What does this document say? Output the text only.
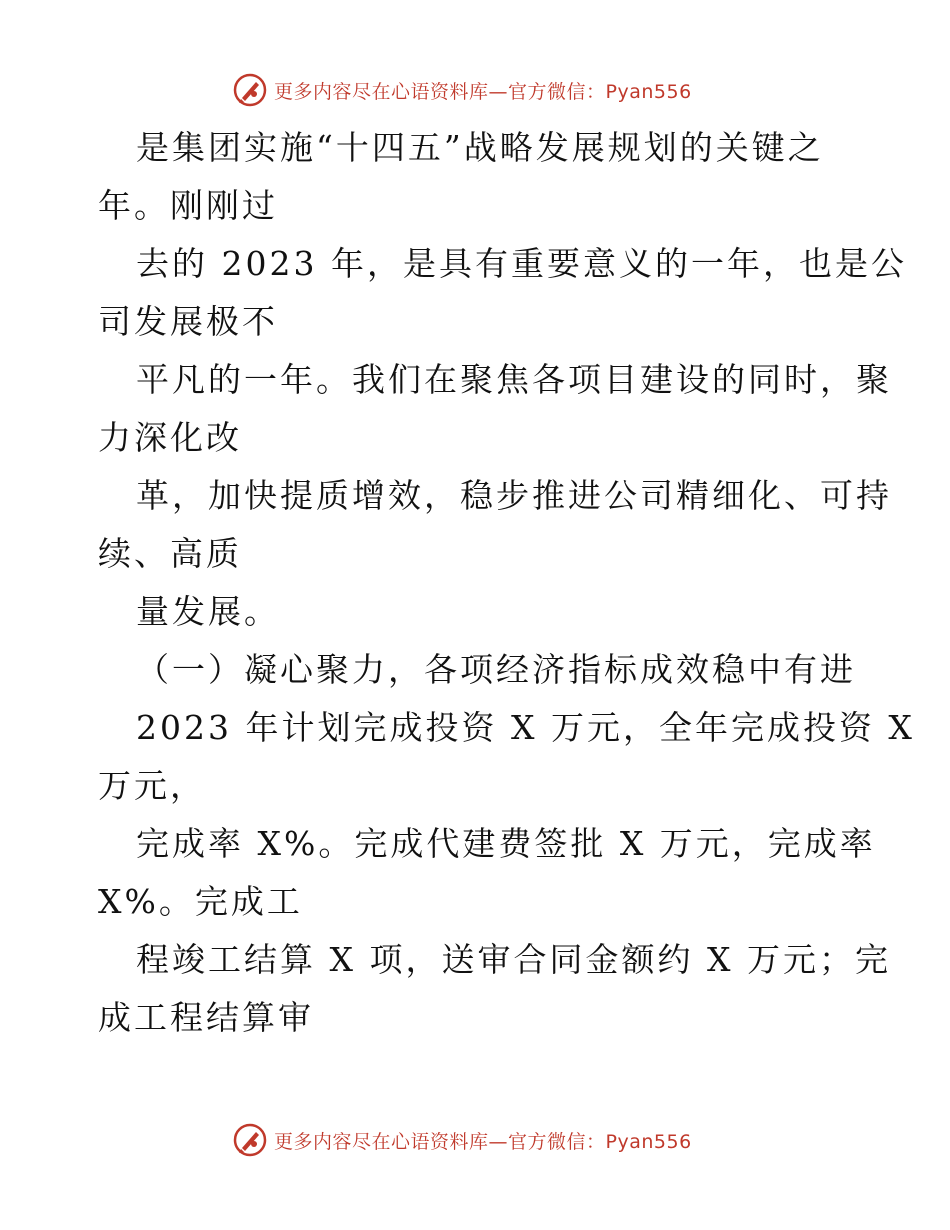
更多内容尽在心语资料库—官方微信：Pyan556
是集团实施“十四五”战略发展规划的关键之
年。刚刚过
去的 2023 年，是具有重要意义的一年，也是公
司发展极不
平凡的一年。我们在聚焦各项目建设的同时，聚
力深化改
革，加快提质增效，稳步推进公司精细化、可持
续、高质
量发展。
（一）凝心聚力，各项经济指标成效稳中有进
2023 年计划完成投资 X 万元，全年完成投资 X
万元，
完成率 X%。完成代建费签批 X 万元，完成率
X%。完成工
程竣工结算 X 项，送审合同金额约 X 万元；完
成工程结算审
更多内容尽在心语资料库—官方微信：Pyan556
